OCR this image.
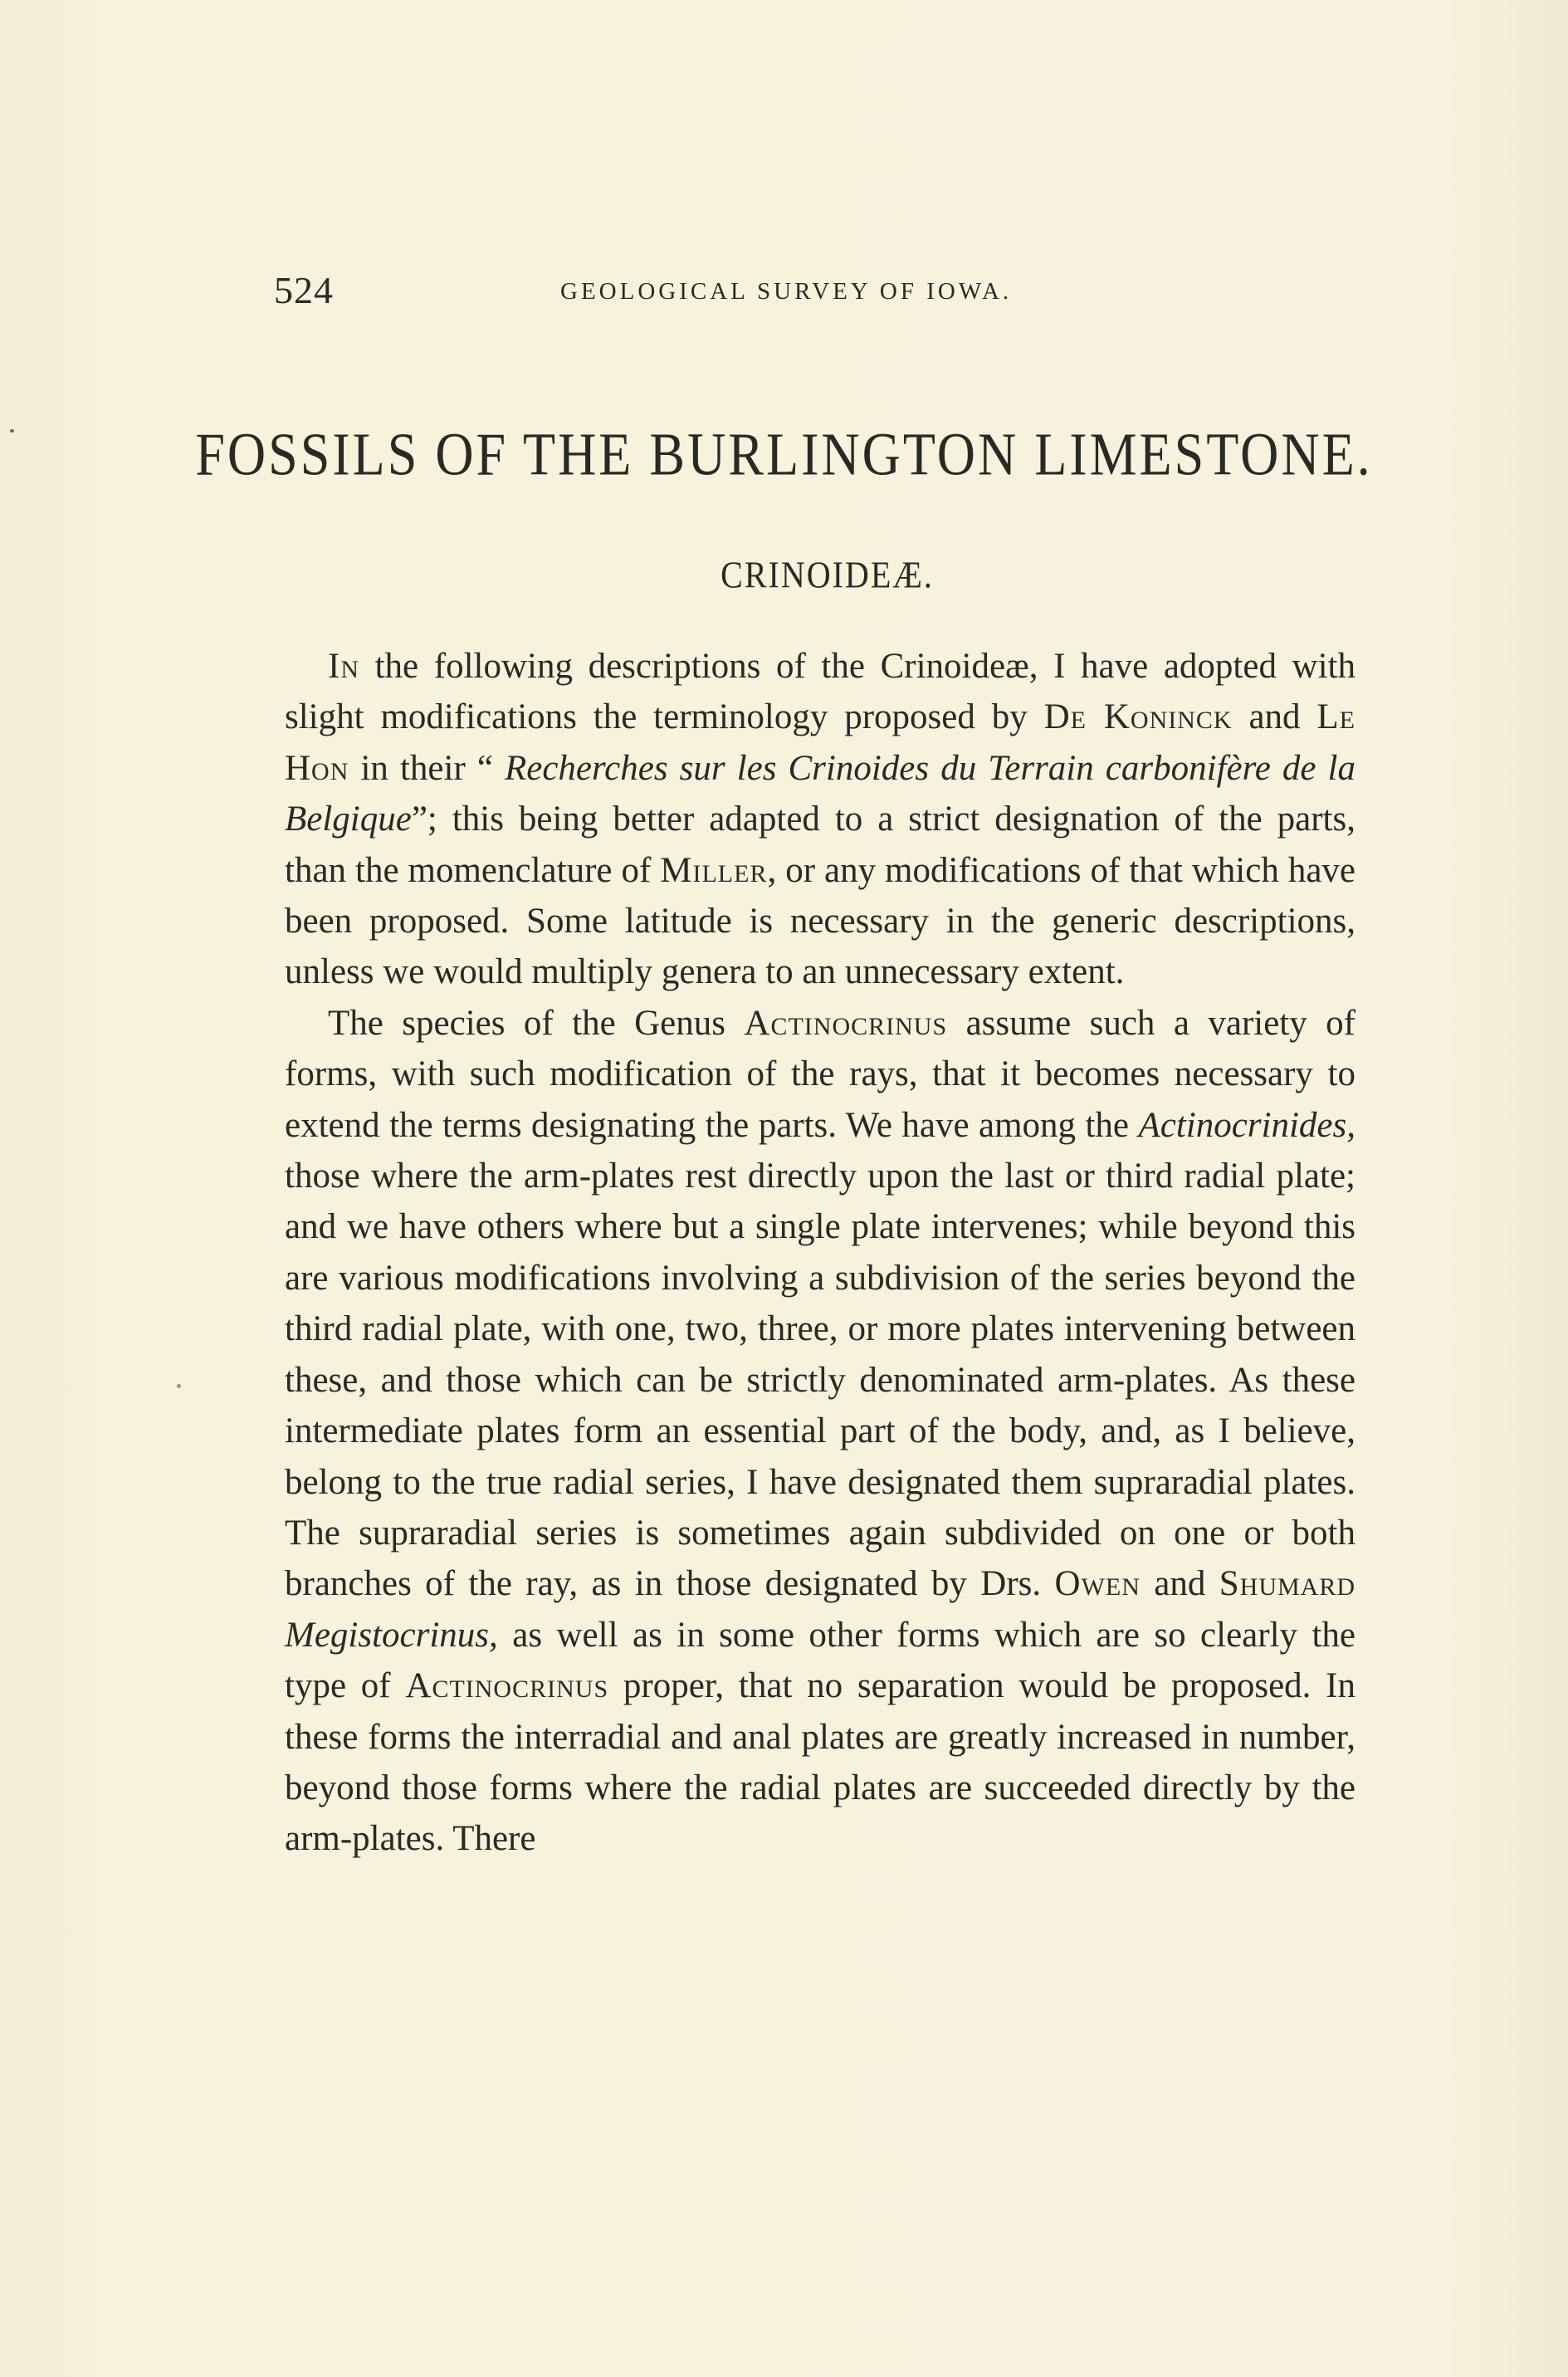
524	GEOLOGICAL SURVEY OF IOWA.
FOSSILS OF THE BURLINGTON LIMESTONE.
CRINOIDEÆ.

In the following descriptions of the Crinoideæ, I have adopted with slight modifications the terminology proposed by De Koninck and Le Hon in their “ Recherches sur les Crinoides du Terrain carbonifère de la Belgique”; this being better adapted to a strict designation of the parts, than the momenclature of Miller, or any modifications of that which have been proposed. Some latitude is necessary in the generic descriptions, unless we would multiply genera to an unnecessary extent.

The species of the Genus Actinocrinus assume such a variety of forms, with such modification of the rays, that it becomes necessary to extend the terms designating the parts. We have among the Actinocrinides, those where the arm-plates rest directly upon the last or third radial plate; and we have others where but a single plate intervenes; while beyond this are various modifications involving a subdivision of the series beyond the third radial plate, with one, two, three, or more plates intervening between these, and those which can be strictly denominated arm-plates. As these intermediate plates form an essential part of the body, and, as I believe, belong to the true radial series, I have designated them supraradial plates. The supraradial series is sometimes again subdivided on one or both branches of the ray, as in those designated by Drs. Owen and Shumard Megistocrinus, as well as in some other forms which are so clearly the type of Actinocrinus proper, that no separation would be proposed. In these forms the interradial and anal plates are greatly increased in number, beyond those forms where the radial plates are succeeded directly by the arm-plates. There
